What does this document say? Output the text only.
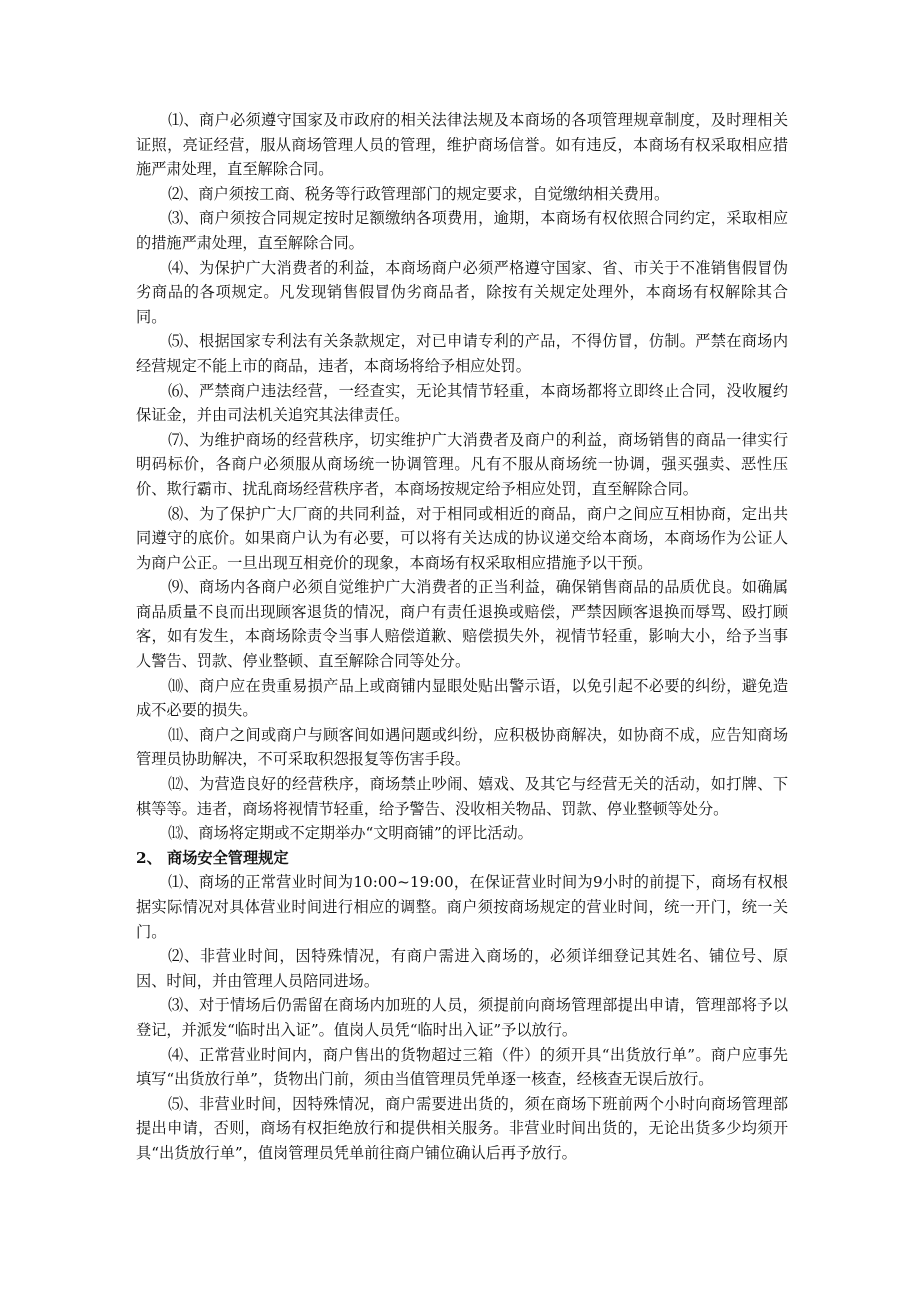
⑴、商户必须遵守国家及市政府的相关法律法规及本商场的各项管理规章制度，及时理相关证照，亮证经营，服从商场管理人员的管理，维护商场信誉。如有违反，本商场有权采取相应措施严肃处理，直至解除合同。

⑵、商户须按工商、税务等行政管理部门的规定要求，自觉缴纳相关费用。

⑶、商户须按合同规定按时足额缴纳各项费用，逾期，本商场有权依照合同约定，采取相应的措施严肃处理，直至解除合同。

⑷、为保护广大消费者的利益，本商场商户必须严格遵守国家、省、市关于不准销售假冒伪劣商品的各项规定。凡发现销售假冒伪劣商品者，除按有关规定处理外，本商场有权解除其合同。

⑸、根据国家专利法有关条款规定，对已申请专利的产品，不得仿冒，仿制。严禁在商场内经营规定不能上市的商品，违者，本商场将给予相应处罚。

⑹、严禁商户违法经营，一经查实，无论其情节轻重，本商场都将立即终止合同，没收履约保证金，并由司法机关追究其法律责任。

⑺、为维护商场的经营秩序，切实维护广大消费者及商户的利益，商场销售的商品一律实行明码标价，各商户必须服从商场统一协调管理。凡有不服从商场统一协调，强买强卖、恶性压价、欺行霸市、扰乱商场经营秩序者，本商场按规定给予相应处罚，直至解除合同。

⑻、为了保护广大厂商的共同利益，对于相同或相近的商品，商户之间应互相协商，定出共同遵守的底价。如果商户认为有必要，可以将有关达成的协议递交给本商场，本商场作为公证人为商户公正。一旦出现互相竞价的现象，本商场有权采取相应措施予以干预。

⑼、商场内各商户必须自觉维护广大消费者的正当利益，确保销售商品的品质优良。如确属商品质量不良而出现顾客退货的情况，商户有责任退换或赔偿，严禁因顾客退换而辱骂、殴打顾客，如有发生，本商场除责令当事人赔偿道歉、赔偿损失外，视情节轻重，影响大小，给予当事人警告、罚款、停业整顿、直至解除合同等处分。

⑽、商户应在贵重易损产品上或商铺内显眼处贴出警示语，以免引起不必要的纠纷，避免造成不必要的损失。

⑾、商户之间或商户与顾客间如遇问题或纠纷，应积极协商解决，如协商不成，应告知商场管理员协助解决，不可采取积怨报复等伤害手段。

⑿、为营造良好的经营秩序，商场禁止吵闹、嬉戏、及其它与经营无关的活动，如打牌、下棋等等。违者，商场将视情节轻重，给予警告、没收相关物品、罚款、停业整顿等处分。

⒀、商场将定期或不定期举办“文明商铺”的评比活动。

2、 商场安全管理规定

⑴、商场的正常营业时间为10:00~19:00，在保证营业时间为9小时的前提下，商场有权根据实际情况对具体营业时间进行相应的调整。商户须按商场规定的营业时间，统一开门，统一关门。

⑵、非营业时间，因特殊情况，有商户需进入商场的，必须详细登记其姓名、铺位号、原因、时间，并由管理人员陪同进场。

⑶、对于情场后仍需留在商场内加班的人员，须提前向商场管理部提出申请，管理部将予以登记，并派发“临时出入证”。值岗人员凭“临时出入证”予以放行。

⑷、正常营业时间内，商户售出的货物超过三箱（件）的须开具“出货放行单”。商户应事先填写“出货放行单”，货物出门前，须由当值管理员凭单逐一核查，经核查无误后放行。

⑸、非营业时间，因特殊情况，商户需要进出货的，须在商场下班前两个小时向商场管理部提出申请，否则，商场有权拒绝放行和提供相关服务。非营业时间出货的，无论出货多少均须开具“出货放行单”，值岗管理员凭单前往商户铺位确认后再予放行。
